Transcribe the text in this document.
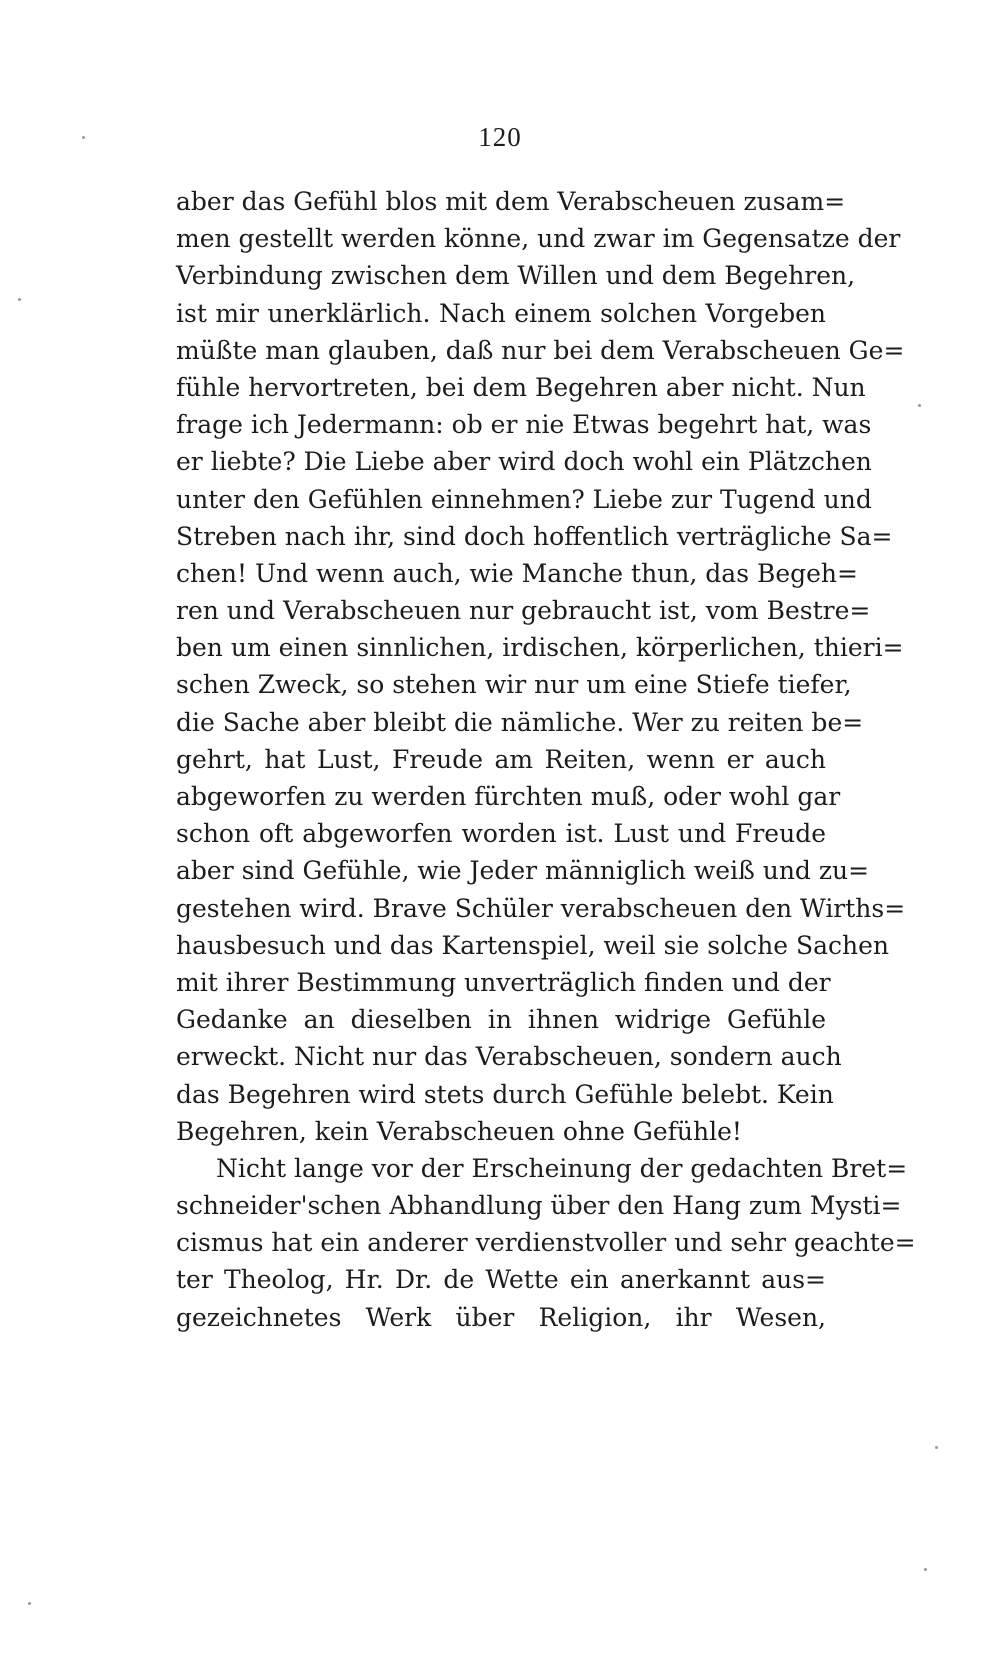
120
aber das Gefühl blos mit dem Verabscheuen zusam=
men gestellt werden könne, und zwar im Gegensatze der
Verbindung zwischen dem Willen und dem Begehren,
ist mir unerklärlich. Nach einem solchen Vorgeben
müßte man glauben, daß nur bei dem Verabscheuen Ge=
fühle hervortreten, bei dem Begehren aber nicht. Nun
frage ich Jedermann: ob er nie Etwas begehrt hat, was
er liebte? Die Liebe aber wird doch wohl ein Plätzchen
unter den Gefühlen einnehmen? Liebe zur Tugend und
Streben nach ihr, sind doch hoffentlich verträgliche Sa=
chen! Und wenn auch, wie Manche thun, das Begeh=
ren und Verabscheuen nur gebraucht ist, vom Bestre=
ben um einen sinnlichen, irdischen, körperlichen, thieri=
schen Zweck, so stehen wir nur um eine Stiefe tiefer,
die Sache aber bleibt die nämliche. Wer zu reiten be=
gehrt, hat Lust, Freude am Reiten, wenn er auch
abgeworfen zu werden fürchten muß, oder wohl gar
schon oft abgeworfen worden ist. Lust und Freude
aber sind Gefühle, wie Jeder männiglich weiß und zu=
gestehen wird. Brave Schüler verabscheuen den Wirths=
hausbesuch und das Kartenspiel, weil sie solche Sachen
mit ihrer Bestimmung unverträglich finden und der
Gedanke an dieselben in ihnen widrige Gefühle
erweckt. Nicht nur das Verabscheuen, sondern auch
das Begehren wird stets durch Gefühle belebt. Kein
Begehren, kein Verabscheuen ohne Gefühle!
Nicht lange vor der Erscheinung der gedachten Bret=
schneider'schen Abhandlung über den Hang zum Mysti=
cismus hat ein anderer verdienstvoller und sehr geachte=
ter Theolog, Hr. Dr. de Wette ein anerkannt aus=
gezeichnetes Werk über Religion, ihr Wesen,
